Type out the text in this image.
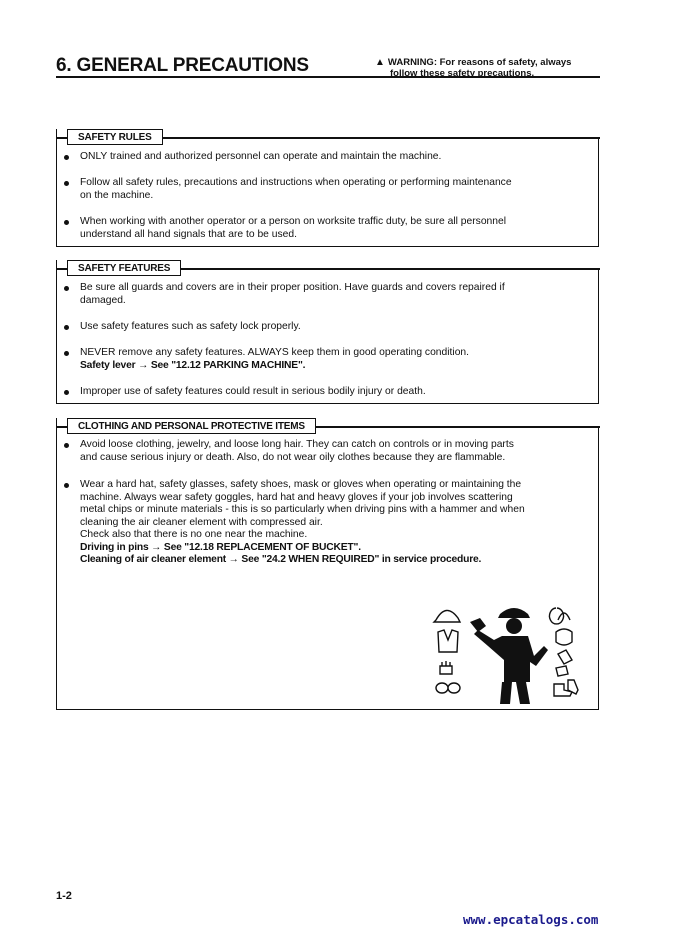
6. GENERAL PRECAUTIONS	▲ WARNING: For reasons of safety, always
follow these safety precautions.
SAFETY RULES
ONLY trained and authorized personnel can operate and maintain the machine.
Follow all safety rules, precautions and instructions when operating or performing maintenance
on the machine.
When working with another operator or a person on worksite traffic duty, be sure all personnel
understand all hand signals that are to be used.
SAFETY FEATURES
Be sure all guards and covers are in their proper position. Have guards and covers repaired if
damaged.
Use safety features such as safety lock properly.
NEVER remove any safety features. ALWAYS keep them in good operating condition.
Safety lever → See "12.12 PARKING MACHINE".
Improper use of safety features could result in serious bodily injury or death.
CLOTHING AND PERSONAL PROTECTIVE ITEMS
Avoid loose clothing, jewelry, and loose long hair. They can catch on controls or in moving parts
and cause serious injury or death. Also, do not wear oily clothes because they are flammable.
Wear a hard hat, safety glasses, safety shoes, mask or gloves when operating or maintaining the
machine. Always wear safety goggles, hard hat and heavy gloves if your job involves scattering
metal chips or minute materials - this is so particularly when driving pins with a hammer and when
cleaning the air cleaner element with compressed air.
Check also that there is no one near the machine.
Driving in pins → See "12.18 REPLACEMENT OF BUCKET".
Cleaning of air cleaner element → See "24.2 WHEN REQUIRED" in service procedure.
1-2
www.epcatalogs.com
